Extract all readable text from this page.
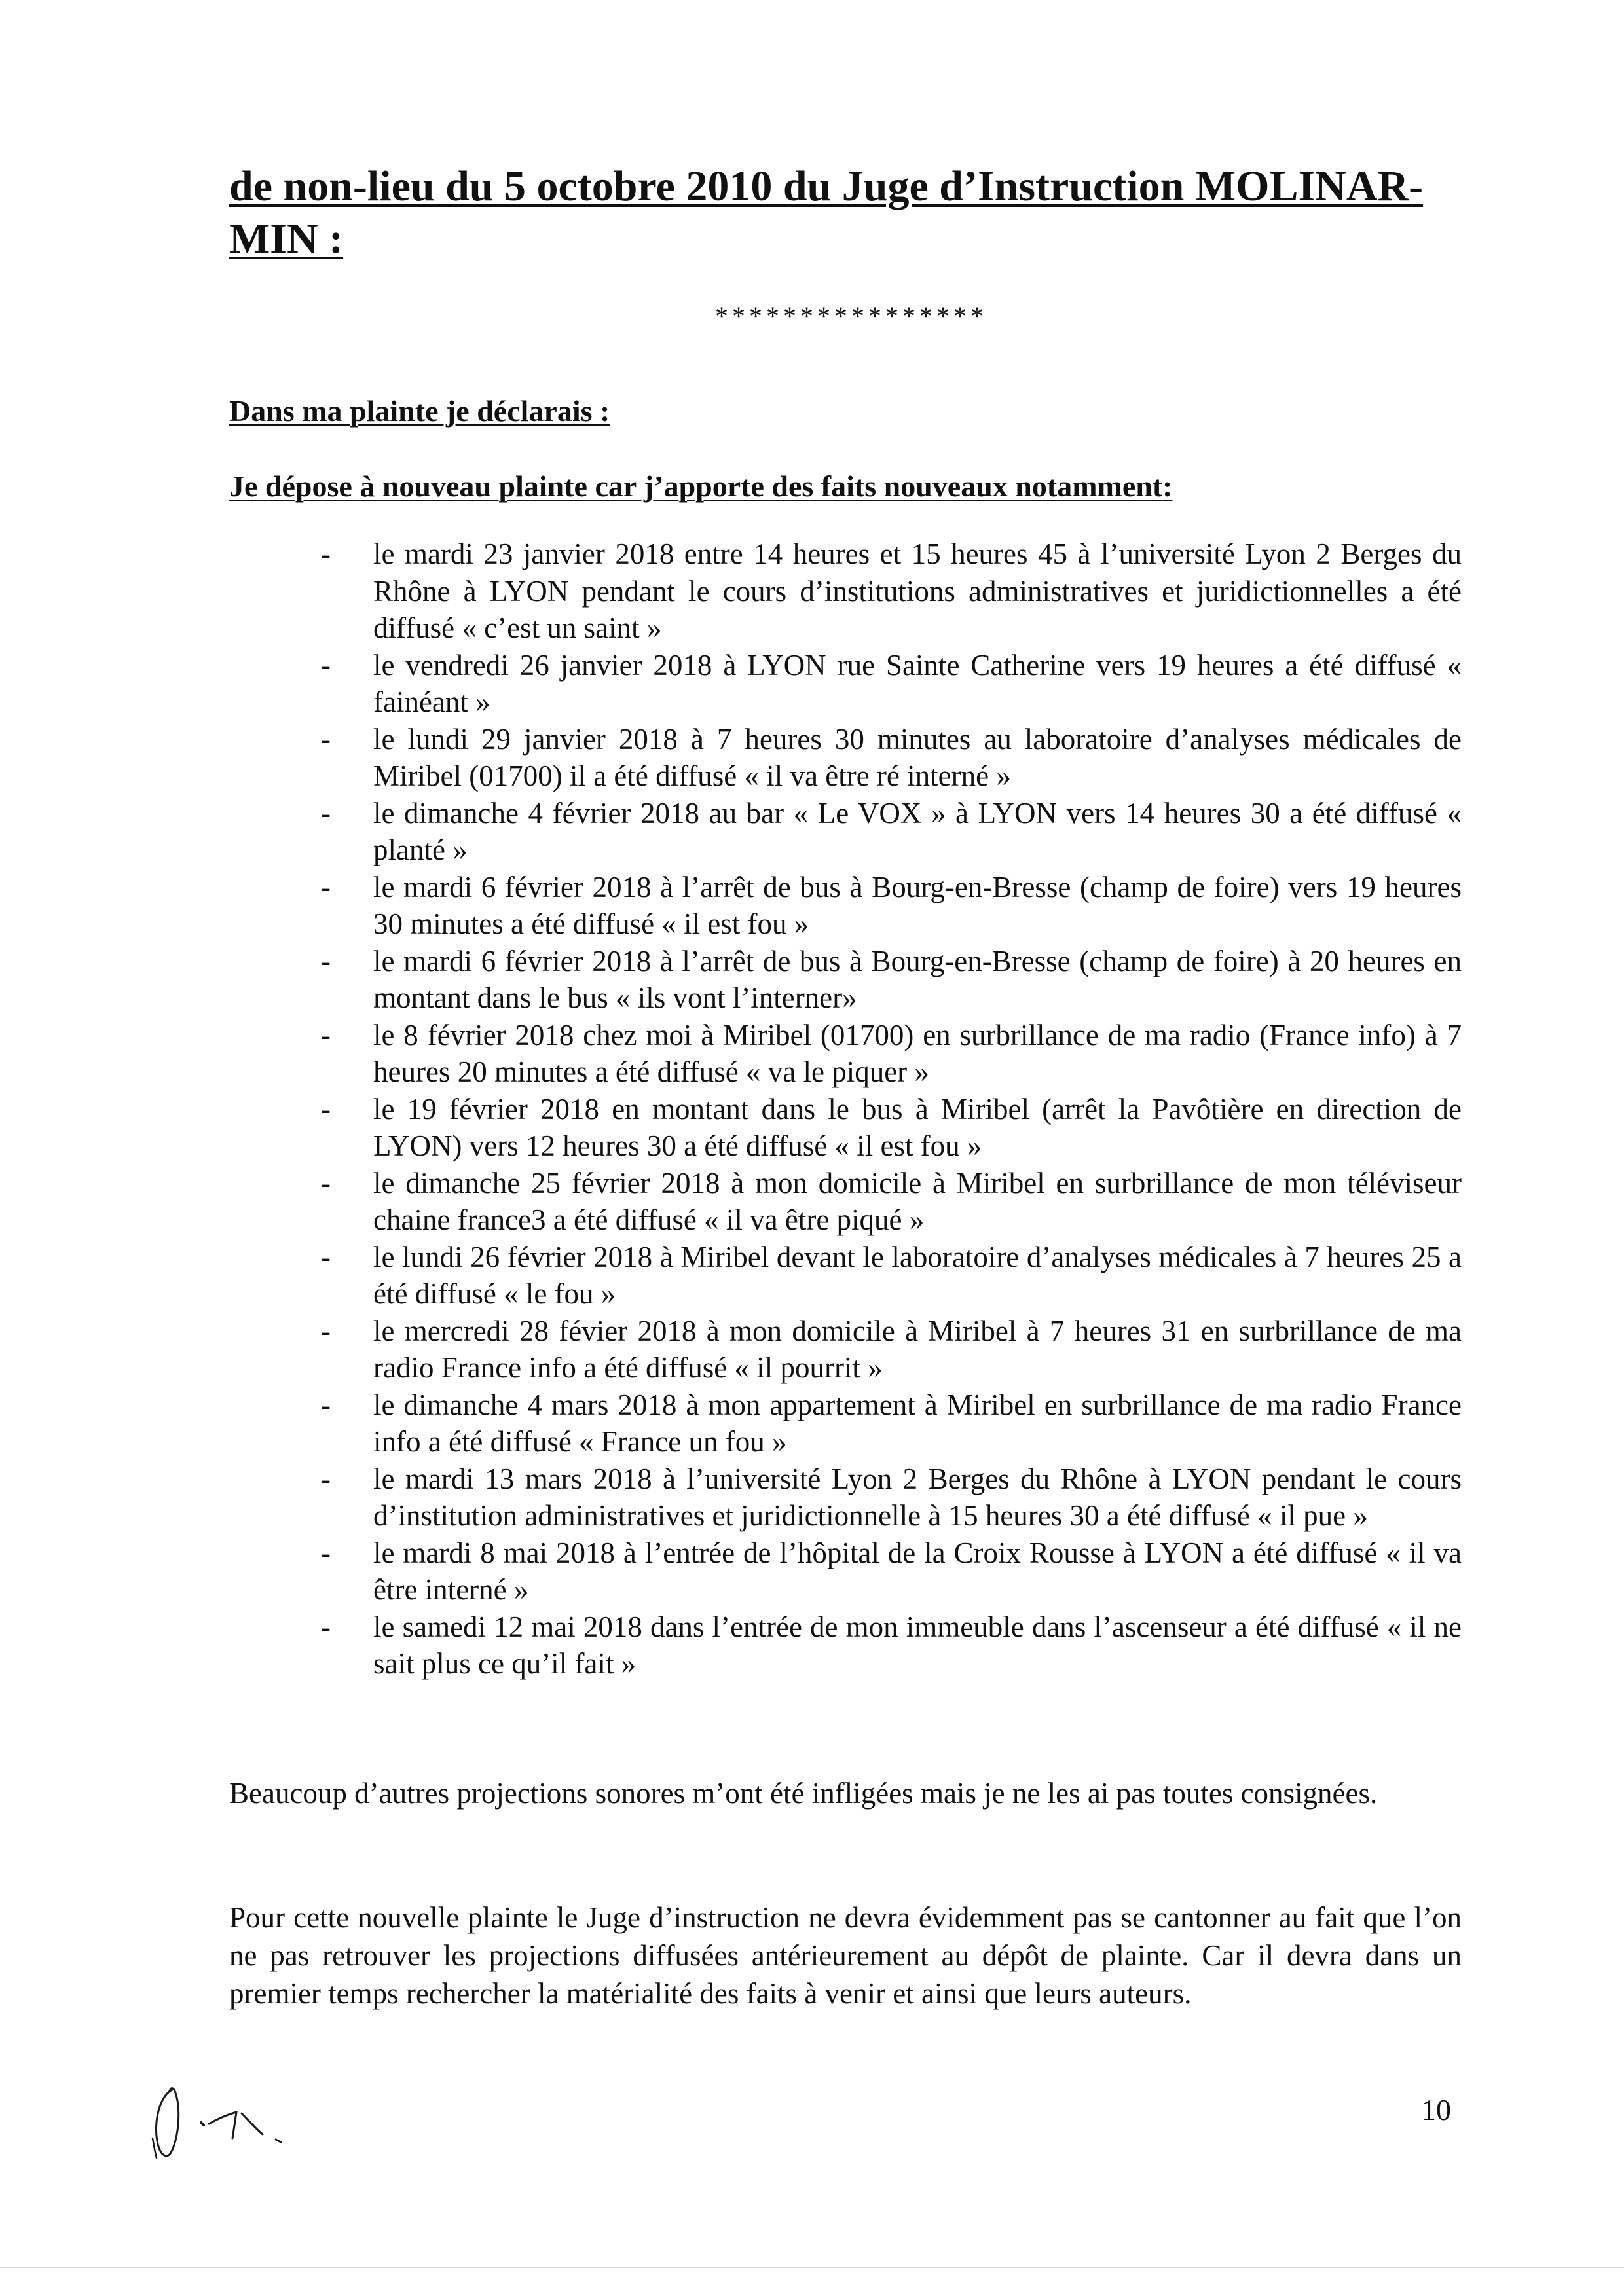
de non-lieu du 5 octobre 2010 du Juge d’Instruction MOLINAR-MIN :
****************

Dans ma plainte je déclarais :

Je dépose à nouveau plainte car j’apporte des faits nouveaux notamment:

- le mardi 23 janvier 2018 entre 14 heures et 15 heures 45 à l’université Lyon 2 Berges du Rhône à LYON pendant le cours d’institutions administratives et juridictionnelles a été diffusé « c’est un saint »
- le vendredi 26 janvier 2018 à LYON rue Sainte Catherine vers 19 heures a été diffusé « fainéant »
- le lundi 29 janvier 2018 à 7 heures 30 minutes au laboratoire d’analyses médicales de Miribel (01700) il a été diffusé « il va être ré interné »
- le dimanche 4 février 2018 au bar « Le VOX » à LYON vers 14 heures 30 a été diffusé « planté »
- le mardi 6 février 2018 à l’arrêt de bus à Bourg-en-Bresse (champ de foire) vers 19 heures 30 minutes a été diffusé « il est fou »
- le mardi 6 février 2018 à l’arrêt de bus à Bourg-en-Bresse (champ de foire) à 20 heures en montant dans le bus « ils vont l’interner»
- le 8 février 2018 chez moi à Miribel (01700) en surbrillance de ma radio (France info) à 7 heures 20 minutes a été diffusé « va le piquer »
- le 19 février 2018 en montant dans le bus à Miribel (arrêt la Pavôtière en direction de LYON) vers 12 heures 30 a été diffusé « il est fou »
- le dimanche 25 février 2018 à mon domicile à Miribel en surbrillance de mon téléviseur chaine france3 a été diffusé « il va être piqué »
- le lundi 26 février 2018 à Miribel devant le laboratoire d’analyses médicales à 7 heures 25 a été diffusé « le fou »
- le mercredi 28 févier 2018 à mon domicile à Miribel à 7 heures 31 en surbrillance de ma radio France info a été diffusé « il pourrit »
- le dimanche 4 mars 2018 à mon appartement à Miribel en surbrillance de ma radio France info a été diffusé « France un fou »
- le mardi 13 mars 2018 à l’université Lyon 2 Berges du Rhône à LYON pendant le cours d’institution administratives et juridictionnelle à 15 heures 30 a été diffusé « il pue »
- le mardi 8 mai 2018 à l’entrée de l’hôpital de la Croix Rousse à LYON a été diffusé « il va être interné »
- le samedi 12 mai 2018 dans l’entrée de mon immeuble dans l’ascenseur a été diffusé « il ne sait plus ce qu’il fait »

Beaucoup d’autres projections sonores m’ont été infligées mais je ne les ai pas toutes consignées.

Pour cette nouvelle plainte le Juge d’instruction ne devra évidemment pas se cantonner au fait que l’on ne pas retrouver les projections diffusées antérieurement au dépôt de plainte. Car il devra dans un premier temps rechercher la matérialité des faits à venir et ainsi que leurs auteurs.

10
